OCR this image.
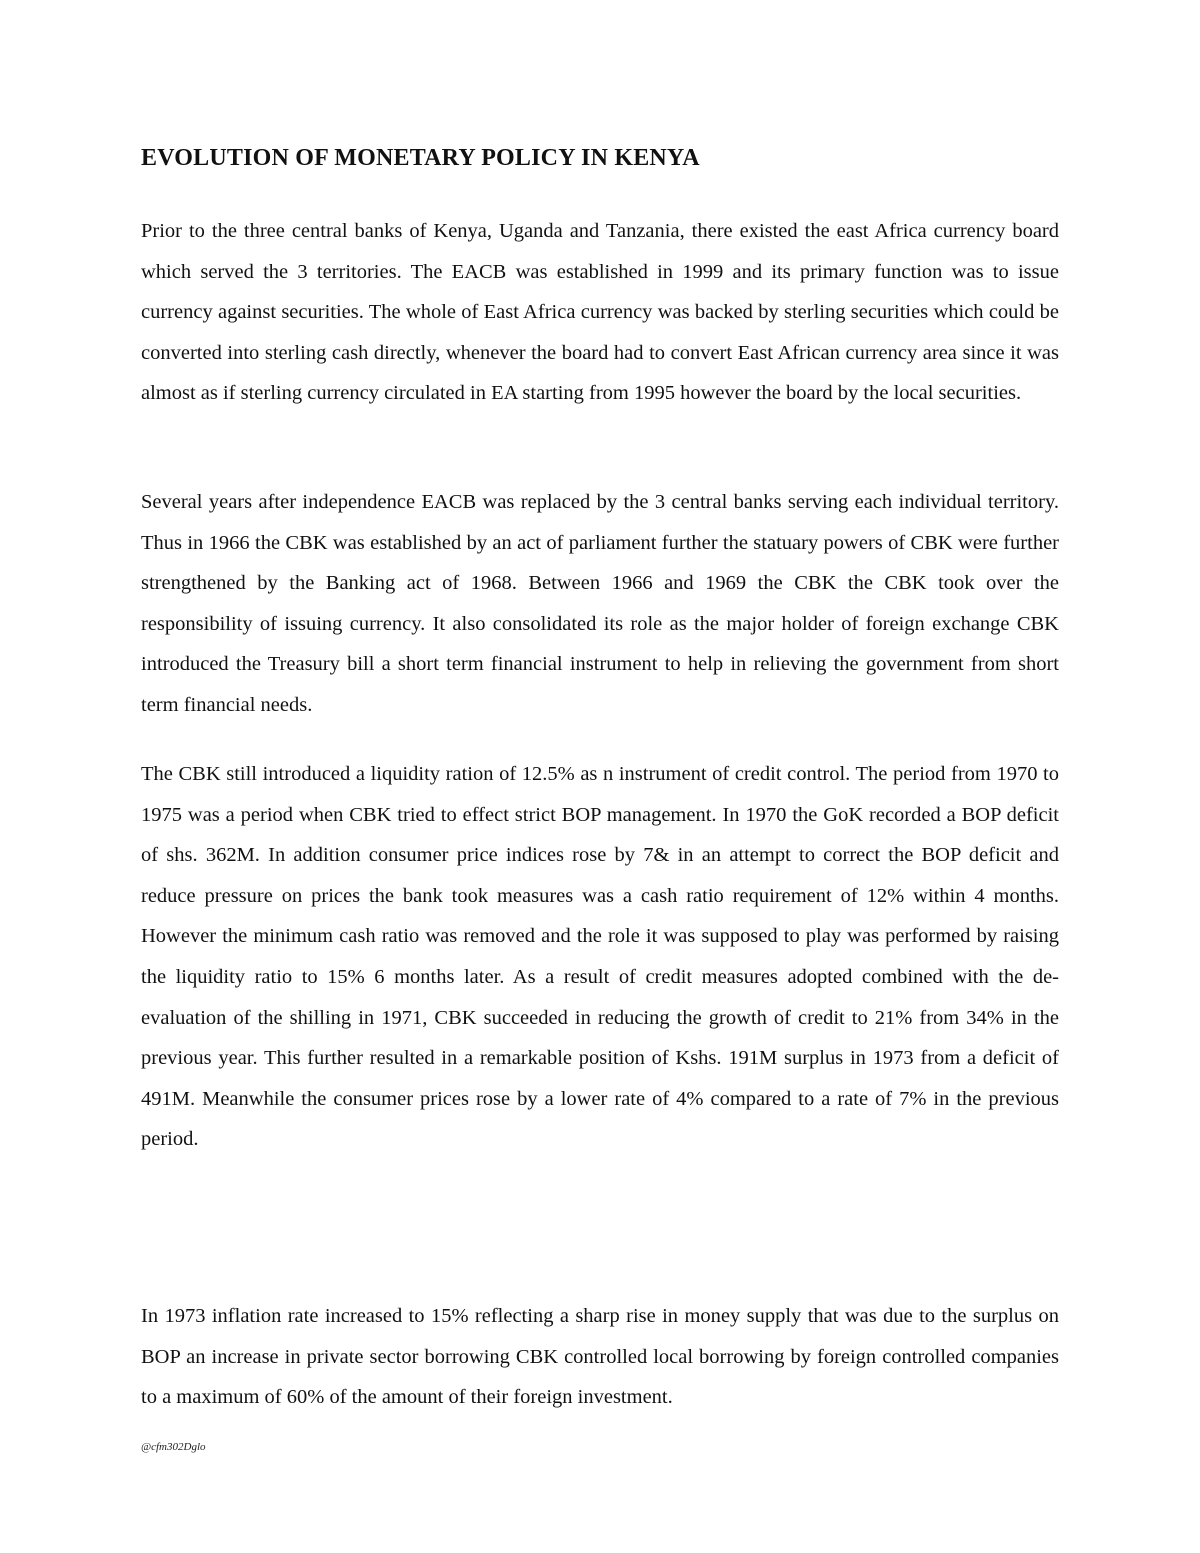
EVOLUTION OF MONETARY POLICY IN KENYA

Prior to the three central banks of Kenya, Uganda and Tanzania, there existed the east Africa currency board which served the 3 territories. The EACB was established in 1999 and its primary function was to issue currency against securities. The whole of East Africa currency was backed by sterling securities which could be converted into sterling cash directly, whenever the board had to convert East African currency area since it was almost as if sterling currency circulated in EA starting from 1995 however the board by the local securities.

Several years after independence EACB was replaced by the 3 central banks serving each individual territory. Thus in 1966 the CBK was established by an act of parliament further the statuary powers of CBK were further strengthened by the Banking act of 1968. Between 1966 and 1969 the CBK the CBK took over the responsibility of issuing currency. It also consolidated its role as the major holder of foreign exchange CBK introduced the Treasury bill a short term financial instrument to help in relieving the government from short term financial needs.

The CBK still introduced a liquidity ration of 12.5% as n instrument of credit control. The period from 1970 to 1975 was a period when CBK tried to effect strict BOP management. In 1970 the GoK recorded a BOP deficit of shs. 362M. In addition consumer price indices rose by 7& in an attempt to correct the BOP deficit and reduce pressure on prices the bank took measures was a cash ratio requirement of 12% within 4 months. However the minimum cash ratio was removed and the role it was supposed to play was performed by raising the liquidity ratio to 15% 6 months later. As a result of credit measures adopted combined with the de-evaluation of the shilling in 1971, CBK succeeded in reducing the growth of credit to 21% from 34% in the previous year. This further resulted in a remarkable position of Kshs. 191M surplus in 1973 from a deficit of 491M. Meanwhile the consumer prices rose by a lower rate of 4% compared to a rate of 7% in the previous period.

In 1973 inflation rate increased to 15% reflecting a sharp rise in money supply that was due to the surplus on BOP an increase in private sector borrowing CBK controlled local borrowing by foreign controlled companies to a maximum of 60% of the amount of their foreign investment.

@cfm302Dglo
